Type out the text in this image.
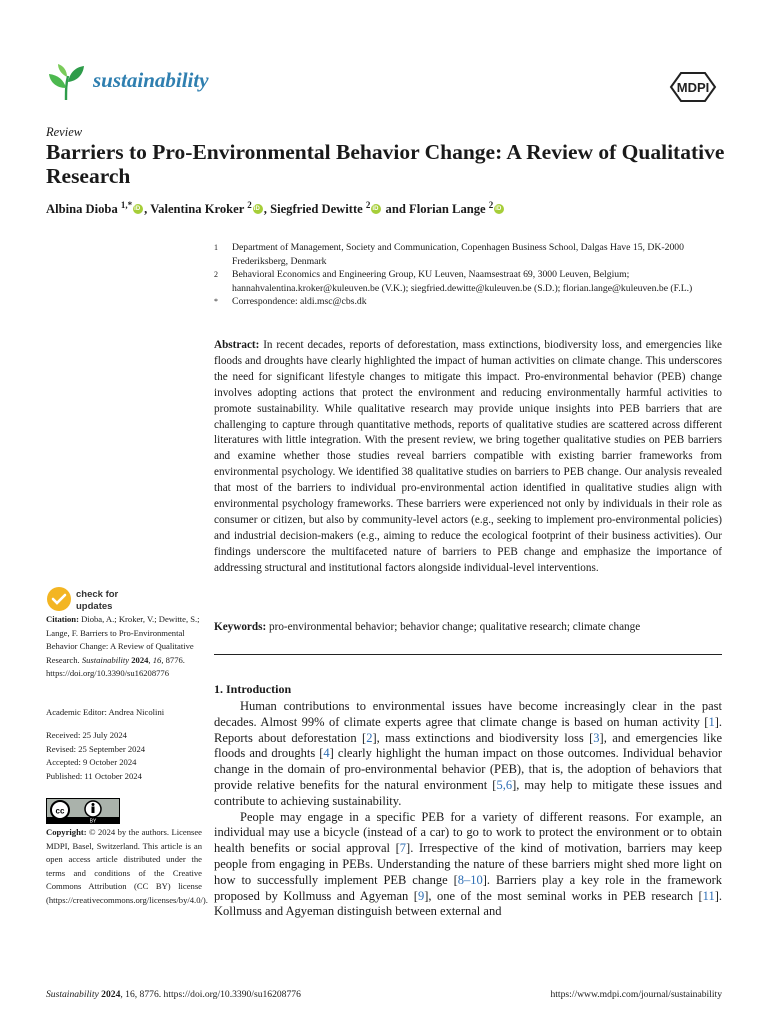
sustainability	MDPI
Review
Barriers to Pro-Environmental Behavior Change: A Review of Qualitative Research
Albina Dioba $^{1,*}$ iD , Valentina Kroker $^2$ iD , Siegfried Dewitte $^2$iD and Florian Lange $^2$iD
1	Department of Management, Society and Communication, Copenhagen Business School, Dalgas Have 15, DK-2000 Frederiksberg, Denmark
2	Behavioral Economics and Engineering Group, KU Leuven, Naamsestraat 69, 3000 Leuven, Belgium; hannahvalentina.kroker@kuleuven.be (V.K.); siegfried.dewitte@kuleuven.be (S.D.); florian.lange@kuleuven.be (F.L.)
*	Correspondence: aldi.msc@cbs.dk
Abstract: In recent decades, reports of deforestation, mass extinctions, biodiversity loss, and emergencies like floods and droughts have clearly highlighted the impact of human activities on climate change. This underscores the need for significant lifestyle changes to mitigate this impact. Pro-environmental behavior (PEB) change involves adopting actions that protect the environment and reducing environmentally harmful activities to promote sustainability. While qualitative research may provide unique insights into PEB barriers that are challenging to capture through quantitative methods, reports of qualitative studies are scattered across different literatures with little integration. With the present review, we bring together qualitative studies on PEB barriers and examine whether those studies reveal barriers compatible with existing barrier frameworks from environmental psychology. We identified 38 qualitative studies on barriers to PEB change. Our analysis revealed that most of the barriers to individual pro-environmental action identified in qualitative studies align with environmental psychology frameworks. These barriers were experienced not only by individuals in their role as consumer or citizen, but also by community-level actors (e.g., seeking to implement pro-environmental policies) and industrial decision-makers (e.g., aiming to reduce the ecological footprint of their business activities). Our findings underscore the multifaceted nature of barriers to PEB change and emphasize the importance of addressing structural and institutional factors alongside individual-level interventions.
Keywords: pro-environmental behavior; behavior change; qualitative research; climate change
1. Introduction

Human contributions to environmental issues have become increasingly clear in the past decades. Almost 99% of climate experts agree that climate change is based on human activity [1]. Reports about deforestation [2], mass extinctions and biodiversity loss [3], and emergencies like floods and droughts [4] clearly highlight the human impact on those outcomes. Individual behavior change in the domain of pro-environmental behavior (PEB), that is, the adoption of behaviors that provide relative benefits for the natural environment [5,6], may help to mitigate these issues and contribute to achieving sustainability.

People may engage in a specific PEB for a variety of different reasons. For example, an individual may use a bicycle (instead of a car) to go to work to protect the environment or to obtain health benefits or social approval [7]. Irrespective of the kind of motivation, barriers may keep people from engaging in PEBs. Understanding the nature of these barriers might shed more light on how to successfully implement PEB change [8–10]. Barriers play a key role in the framework proposed by Kollmuss and Agyeman [9], one of the most seminal works in PEB research [11]. Kollmuss and Agyeman distinguish between external and

check for
updates
Citation: Dioba, A.; Kroker, V.; Dewitte, S.; Lange, F. Barriers to Pro-Environmental Behavior Change: A Review of Qualitative Research. Sustainability 2024, 16, 8776. https://doi.org/10.3390/su16208776
Academic Editor: Andrea Nicolini
Received: 25 July 2024
Revised: 25 September 2024
Accepted: 9 October 2024
Published: 11 October 2024
cc
BY
Copyright: © 2024 by the authors. Licensee MDPI, Basel, Switzerland. This article is an open access article distributed under the terms and conditions of the Creative Commons Attribution (CC BY) license (https://creativecommons.org/licenses/by/4.0/).
Sustainability 2024, 16, 8776. https://doi.org/10.3390/su16208776	https://www.mdpi.com/journal/sustainability
